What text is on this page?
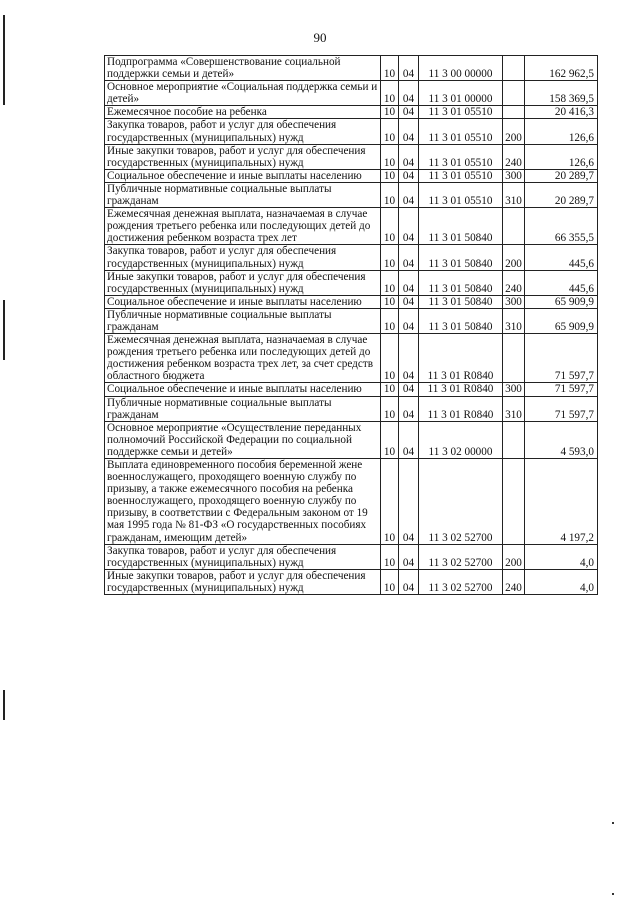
90
Подпрограмма «Совершенствование социальной поддержки семьи и детей»	10	04	11 3 00 00000		162 962,5
Основное мероприятие «Социальная поддержка семьи и детей»	10	04	11 3 01 00000		158 369,5
Ежемесячное пособие на ребенка	10	04	11 3 01 05510		20 416,3
Закупка товаров, работ и услуг для обеспечения государственных (муниципальных) нужд	10	04	11 3 01 05510	200	126,6
Иные закупки товаров, работ и услуг для обеспечения государственных (муниципальных) нужд	10	04	11 3 01 05510	240	126,6
Социальное обеспечение и иные выплаты населению	10	04	11 3 01 05510	300	20 289,7
Публичные нормативные социальные выплаты гражданам	10	04	11 3 01 05510	310	20 289,7
Ежемесячная денежная выплата, назначаемая в случае рождения третьего ребенка или последующих детей до достижения ребенком возраста трех лет	10	04	11 3 01 50840		66 355,5
Закупка товаров, работ и услуг для обеспечения государственных (муниципальных) нужд	10	04	11 3 01 50840	200	445,6
Иные закупки товаров, работ и услуг для обеспечения государственных (муниципальных) нужд	10	04	11 3 01 50840	240	445,6
Социальное обеспечение и иные выплаты населению	10	04	11 3 01 50840	300	65 909,9
Публичные нормативные социальные выплаты гражданам	10	04	11 3 01 50840	310	65 909,9
Ежемесячная денежная выплата, назначаемая в случае рождения третьего ребенка или последующих детей до достижения ребенком возраста трех лет, за счет средств областного бюджета	10	04	11 3 01 R0840		71 597,7
Социальное обеспечение и иные выплаты населению	10	04	11 3 01 R0840	300	71 597,7
Публичные нормативные социальные выплаты гражданам	10	04	11 3 01 R0840	310	71 597,7
Основное мероприятие «Осуществление переданных полномочий Российской Федерации по социальной поддержке семьи и детей»	10	04	11 3 02 00000		4 593,0
Выплата единовременного пособия беременной жене военнослужащего, проходящего военную службу по призыву, а также ежемесячного пособия на ребенка военнослужащего, проходящего военную службу по призыву, в соответствии с Федеральным законом от 19 мая 1995 года № 81-ФЗ «О государственных пособиях гражданам, имеющим детей»	10	04	11 3 02 52700		4 197,2
Закупка товаров, работ и услуг для обеспечения государственных (муниципальных) нужд	10	04	11 3 02 52700	200	4,0
Иные закупки товаров, работ и услуг для обеспечения государственных (муниципальных) нужд	10	04	11 3 02 52700	240	4,0
